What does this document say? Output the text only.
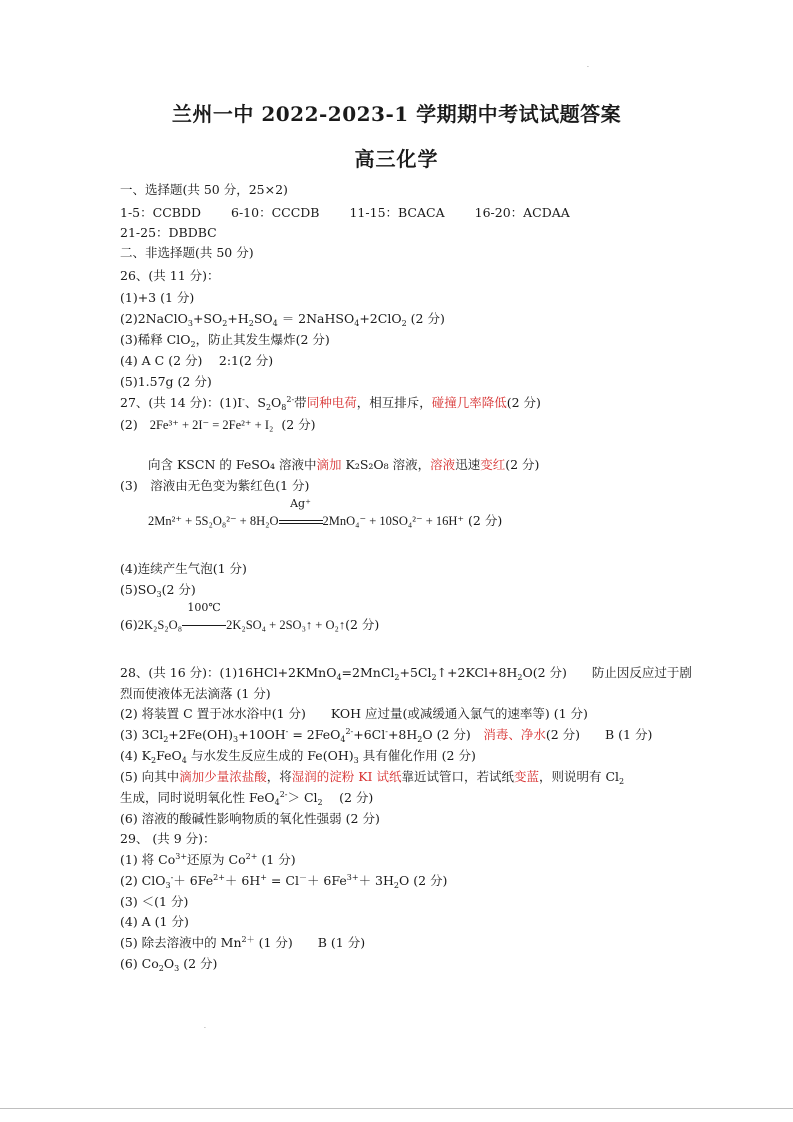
兰州一中 2022-2023-1 学期期中考试试题答案
高三化学
一、选择题(共 50 分，25×2)
1-5：CCBDD 6-10：CCCDB 11-15：BCACA 16-20：ACDAA
21-25：DBDBC
二、非选择题(共 50 分)
26、(共 11 分)：
(1)+3 (1 分)
$(2)2NaClO_3+SO_2+H_2SO_4$ ＝ 2NaHSO$_4$+2ClO$_2$ (2 分)
(3)稀释 ClO$_2$，防止其发生爆炸(2 分)
(4) A C (2 分)　 2:1(2 分)
(5)1.57g (2 分)
27、(共 14 分)：(1)I-、$S_2O_8^{2-}$带同种电荷，相互排斥，碰撞几率降低(2 分)
(2) 2Fe³⁺ + 2I⁻ = 2Fe²⁺ + I₂ (2 分)
向含 KSCN 的 FeSO₄ 溶液中滴加 K₂S₂O₈ 溶液，溶液迅速变红(2 分)
(3)　溶液由无色变为紫红色(1 分)
2Mn²⁺ + 5S₂O₈²⁻ + 8H₂O
Ag⁺
2MnO₄⁻ + 10SO₄²⁻ + 16H⁺ (2 分)
(4)连续产生气泡(1 分)
$(5)SO_3(2$ 分)
(6)2K₂S₂O₈
100℃
2K₂SO₄ + 2SO₃↑ + O₂↑(2 分)
28、(共 16 分)：$(1)16HCl+2KMnO_4=2MnCl_2+5Cl_2↑+2KCl+8H_2O(2$ 分)　　防止因反应过于剧
烈而使液体无法滴落 (1 分)
(2) 将装置 C 置于冰水浴中(1 分)　　KOH 应过量(或减缓通入氯气的速率等) (1 分)
(3) $3Cl_2+2Fe(OH)_3+10OH^- = 2FeO_4^{2-}+6Cl^-+8H_2O$ (2 分)　 消毒、净水(2 分)　　B (1 分)
(4) $K_2FeO_4$ 与水发生反应生成的 $Fe(OH)_3$ 具有催化作用 (2 分)
(5) 向其中滴加少量浓盐酸，将湿润的淀粉 KI 试纸靠近试管口，若试纸变蓝，则说明有 $Cl_2$
生成，同时说明氧化性 $FeO_4^{2-}> Cl_2$　 (2 分)
(6) 溶液的酸碱性影响物质的氧化性强弱 (2 分)
29、 (共 9 分)：
(1) 将 $Co^{3+}$还原为 $Co^{2+}$ (1 分)
(2) $ClO_3^-+ 6Fe^{2+}+ 6H^+ = Cl^-+ 6Fe^{3+}+ 3H_2O$ (2 分)
(3) ＜(1 分)
(4) A (1 分)
(5) 除去溶液中的 $Mn^{2+}$ (1 分)　　B (1 分)
(6) $Co_2O_3$ (2 分)
·
·
